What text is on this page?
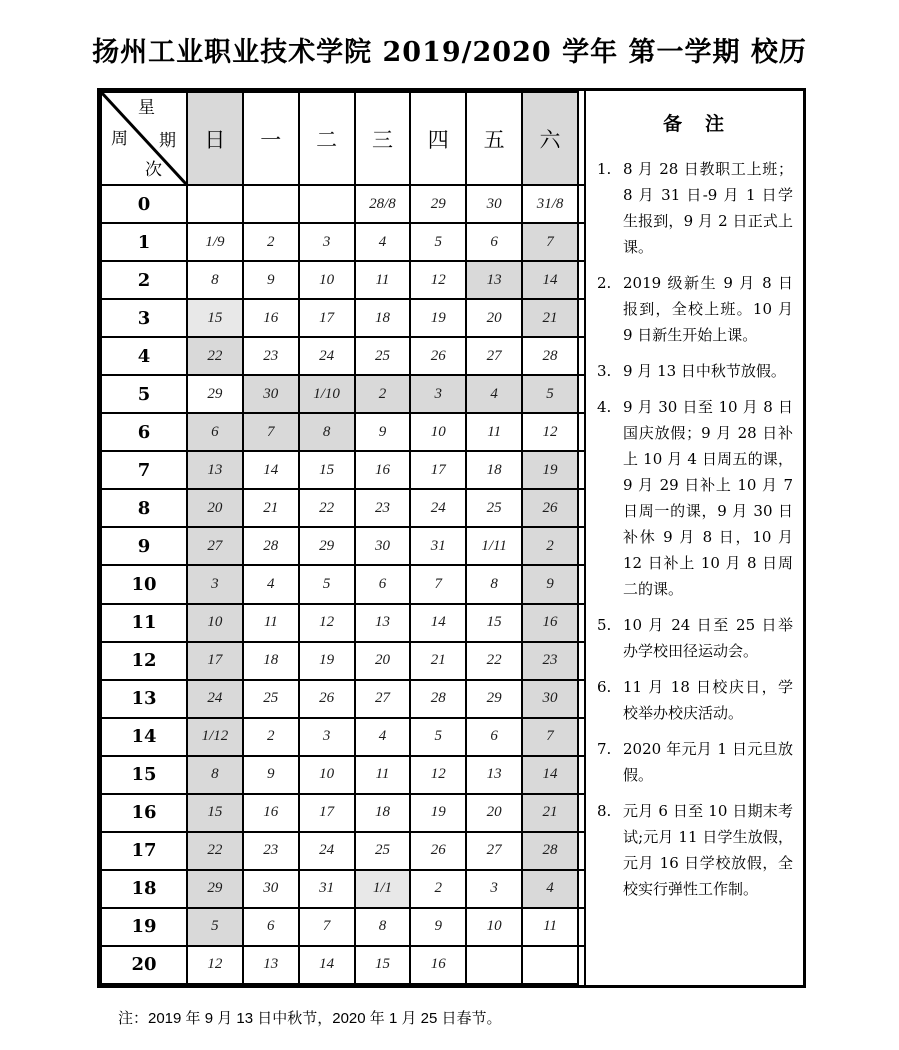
扬州工业职业技术学院 2019/2020 学年 第一学期 校历
星
周 期
次	日	一	二	三	四	五	六
0				28/8	29	30	31/8
1	1/9	2	3	4	5	6	7
2	8	9	10	11	12	13	14
3	15	16	17	18	19	20	21
4	22	23	24	25	26	27	28
5	29	30	1/10	2	3	4	5
6	6	7	8	9	10	11	12
7	13	14	15	16	17	18	19
8	20	21	22	23	24	25	26
9	27	28	29	30	31	1/11	2
10	3	4	5	6	7	8	9
11	10	11	12	13	14	15	16
12	17	18	19	20	21	22	23
13	24	25	26	27	28	29	30
14	1/12	2	3	4	5	6	7
15	8	9	10	11	12	13	14
16	15	16	17	18	19	20	21
17	22	23	24	25	26	27	28
18	29	30	31	1/1	2	3	4
19	5	6	7	8	9	10	11
20	12	13	14	15	16		
备　注
1. 8 月 28 日教职工上班；8 月 31 日-9 月 1 日学生报到，9 月 2 日正式上课。
2. 2019 级新生 9 月 8 日报到，全校上班。10 月 9 日新生开始上课。
3. 9 月 13 日中秋节放假。
4. 9 月 30 日至 10 月 8 日国庆放假；9 月 28 日补上 10 月 4 日周五的课，9 月 29 日补上 10 月 7 日周一的课，9 月 30 日补休 9 月 8 日，10 月 12 日补上 10 月 8 日周二的课。
5. 10 月 24 日至 25 日举办学校田径运动会。
6. 11 月 18 日校庆日，学校举办校庆活动。
7. 2020 年元月 1 日元旦放假。
8. 元月 6 日至 10 日期末考试;元月 11 日学生放假，元月 16 日学校放假，全校实行弹性工作制。
注：2019 年 9 月 13 日中秋节，2020 年 1 月 25 日春节。
